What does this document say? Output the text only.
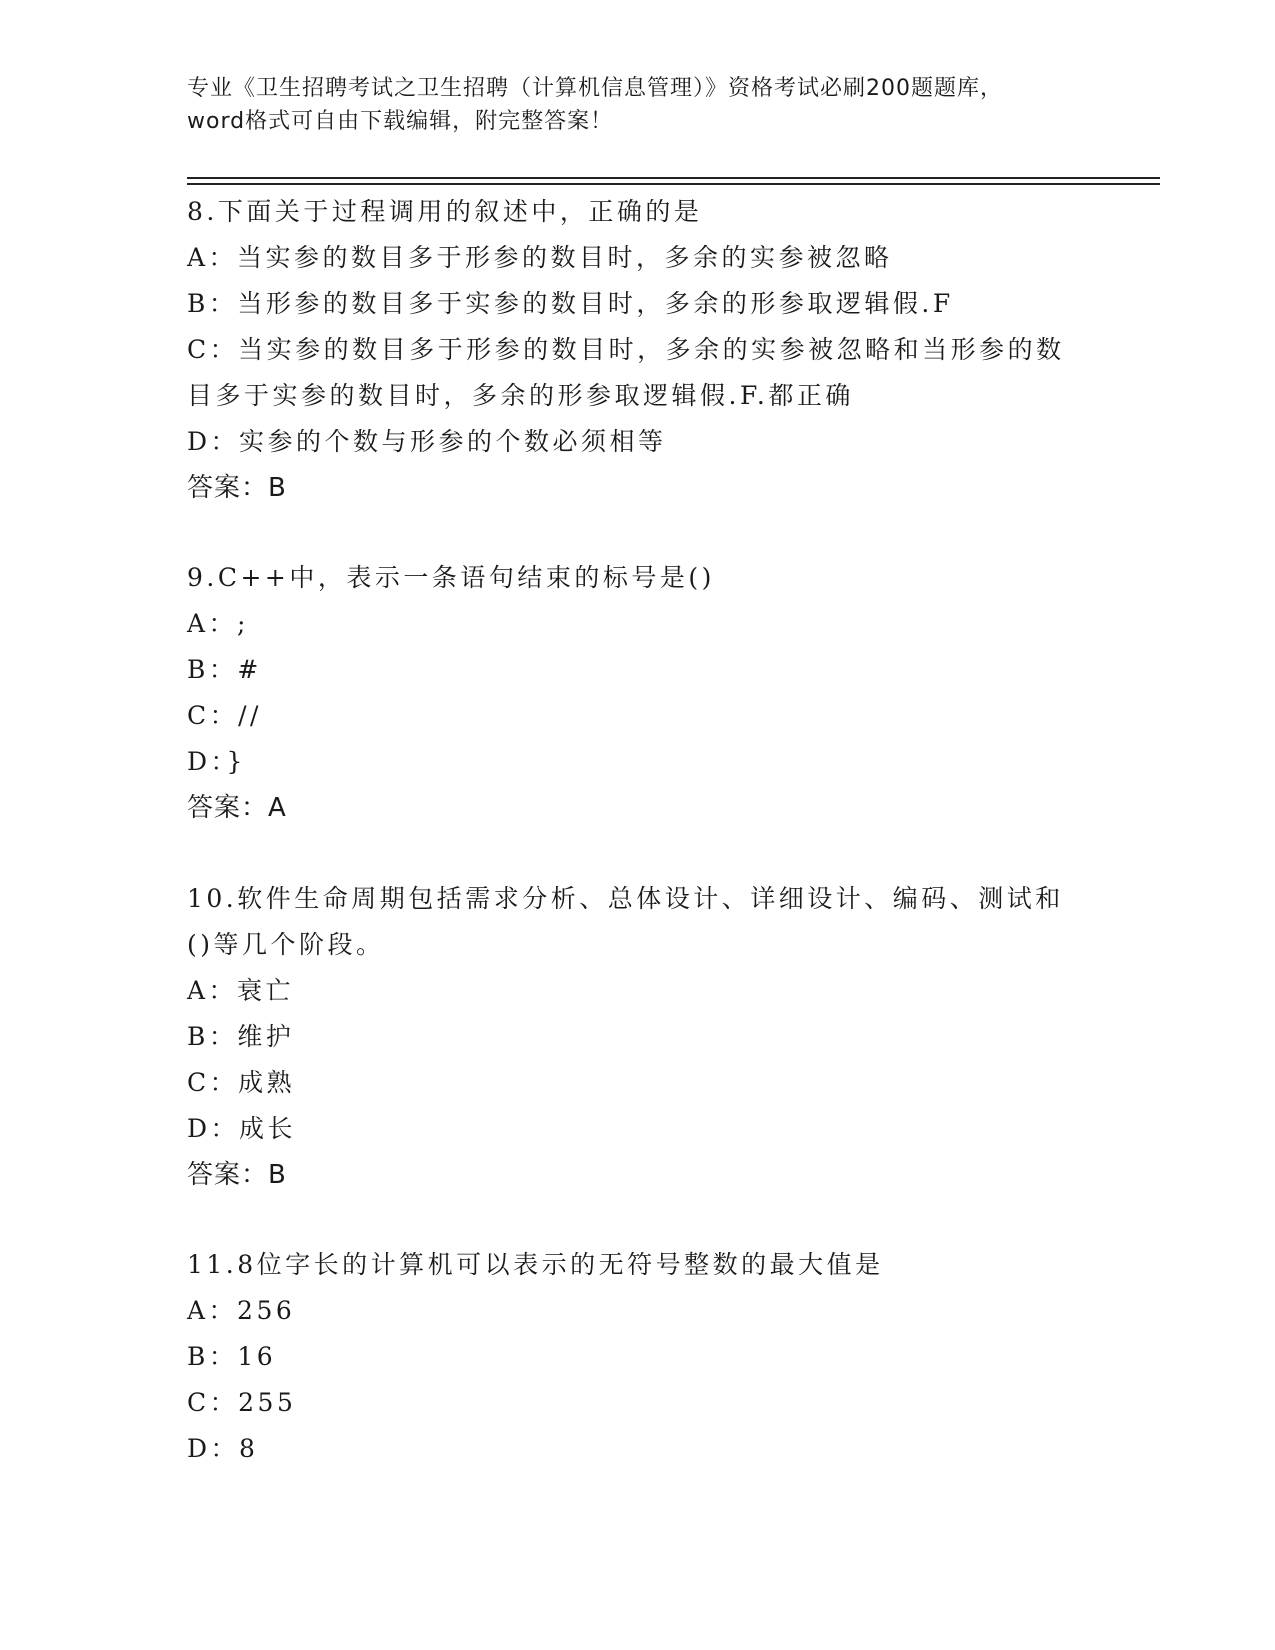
专业《卫生招聘考试之卫生招聘（计算机信息管理）》资格考试必刷200题题库，
word格式可自由下载编辑，附完整答案！
8.下面关于过程调用的叙述中，正确的是
A：当实参的数目多于形参的数目时，多余的实参被忽略
B：当形参的数目多于实参的数目时，多余的形参取逻辑假.F
C：当实参的数目多于形参的数目时，多余的实参被忽略和当形参的数
目多于实参的数目时，多余的形参取逻辑假.F.都正确
D：实参的个数与形参的个数必须相等
答案：B
9.C++中，表示一条语句结束的标号是()
A：;
B：#
C：//
D：}
答案：A
10.软件生命周期包括需求分析、总体设计、详细设计、编码、测试和
()等几个阶段。
A：衰亡
B：维护
C：成熟
D：成长
答案：B
11.8位字长的计算机可以表示的无符号整数的最大值是
A：256
B：16
C：255
D：8
